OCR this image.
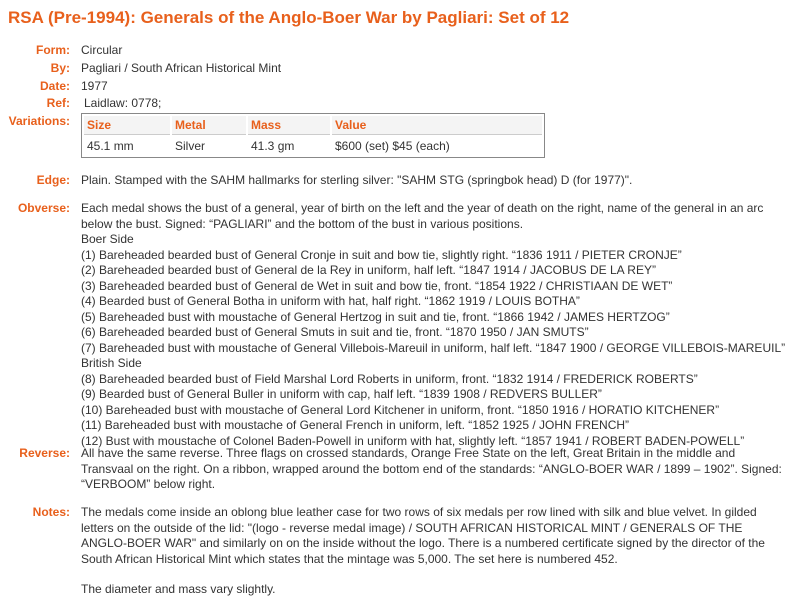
RSA (Pre-1994): Generals of the Anglo-Boer War by Pagliari: Set of 12
Form: Circular
By: Pagliari / South African Historical Mint
Date: 1977
Ref: Laidlaw: 0778;
Variations: Size	Metal	Mass	Value
45.1 mm	Silver	41.3 gm	$600 (set) $45 (each)
Edge: Plain. Stamped with the SAHM hallmarks for sterling silver: "SAHM STG (springbok head) D (for 1977)".
Obverse: Each medal shows the bust of a general, year of birth on the left and the year of death on the right, name of the general in an arc
below the bust. Signed: “PAGLIARI” and the bottom of the bust in various positions.
Boer Side
(1) Bareheaded bearded bust of General Cronje in suit and bow tie, slightly right. “1836 1911 / PIETER CRONJE”
(2) Bareheaded bearded bust of General de la Rey in uniform, half left. “1847 1914 / JACOBUS DE LA REY”
(3) Bareheaded bearded bust of General de Wet in suit and bow tie, front. “1854 1922 / CHRISTIAAN DE WET”
(4) Bearded bust of General Botha in uniform with hat, half right. “1862 1919 / LOUIS BOTHA”
(5) Bareheaded bust with moustache of General Hertzog in suit and tie, front. “1866 1942 / JAMES HERTZOG”
(6) Bareheaded bearded bust of General Smuts in suit and tie, front. “1870 1950 / JAN SMUTS”
(7) Bareheaded bust with moustache of General Villebois-Mareuil in uniform, half left. “1847 1900 / GEORGE VILLEBOIS-MAREUIL”
British Side
(8) Bareheaded bearded bust of Field Marshal Lord Roberts in uniform, front. “1832 1914 / FREDERICK ROBERTS”
(9) Bearded bust of General Buller in uniform with cap, half left. “1839 1908 / REDVERS BULLER”
(10) Bareheaded bust with moustache of General Lord Kitchener in uniform, front. “1850 1916 / HORATIO KITCHENER”
(11) Bareheaded bust with moustache of General French in uniform, left. “1852 1925 / JOHN FRENCH”
(12) Bust with moustache of Colonel Baden-Powell in uniform with hat, slightly left. “1857 1941 / ROBERT BADEN-POWELL”
Reverse: All have the same reverse. Three flags on crossed standards, Orange Free State on the left, Great Britain in the middle and
Transvaal on the right. On a ribbon, wrapped around the bottom end of the standards: “ANGLO-BOER WAR / 1899 – 1902”. Signed:
“VERBOOM” below right.
Notes: The medals come inside an oblong blue leather case for two rows of six medals per row lined with silk and blue velvet. In gilded
letters on the outside of the lid: "(logo - reverse medal image) / SOUTH AFRICAN HISTORICAL MINT / GENERALS OF THE
ANGLO-BOER WAR" and similarly on on the inside without the logo. There is a numbered certificate signed by the director of the
South African Historical Mint which states that the mintage was 5,000. The set here is numbered 452.
The diameter and mass vary slightly.
